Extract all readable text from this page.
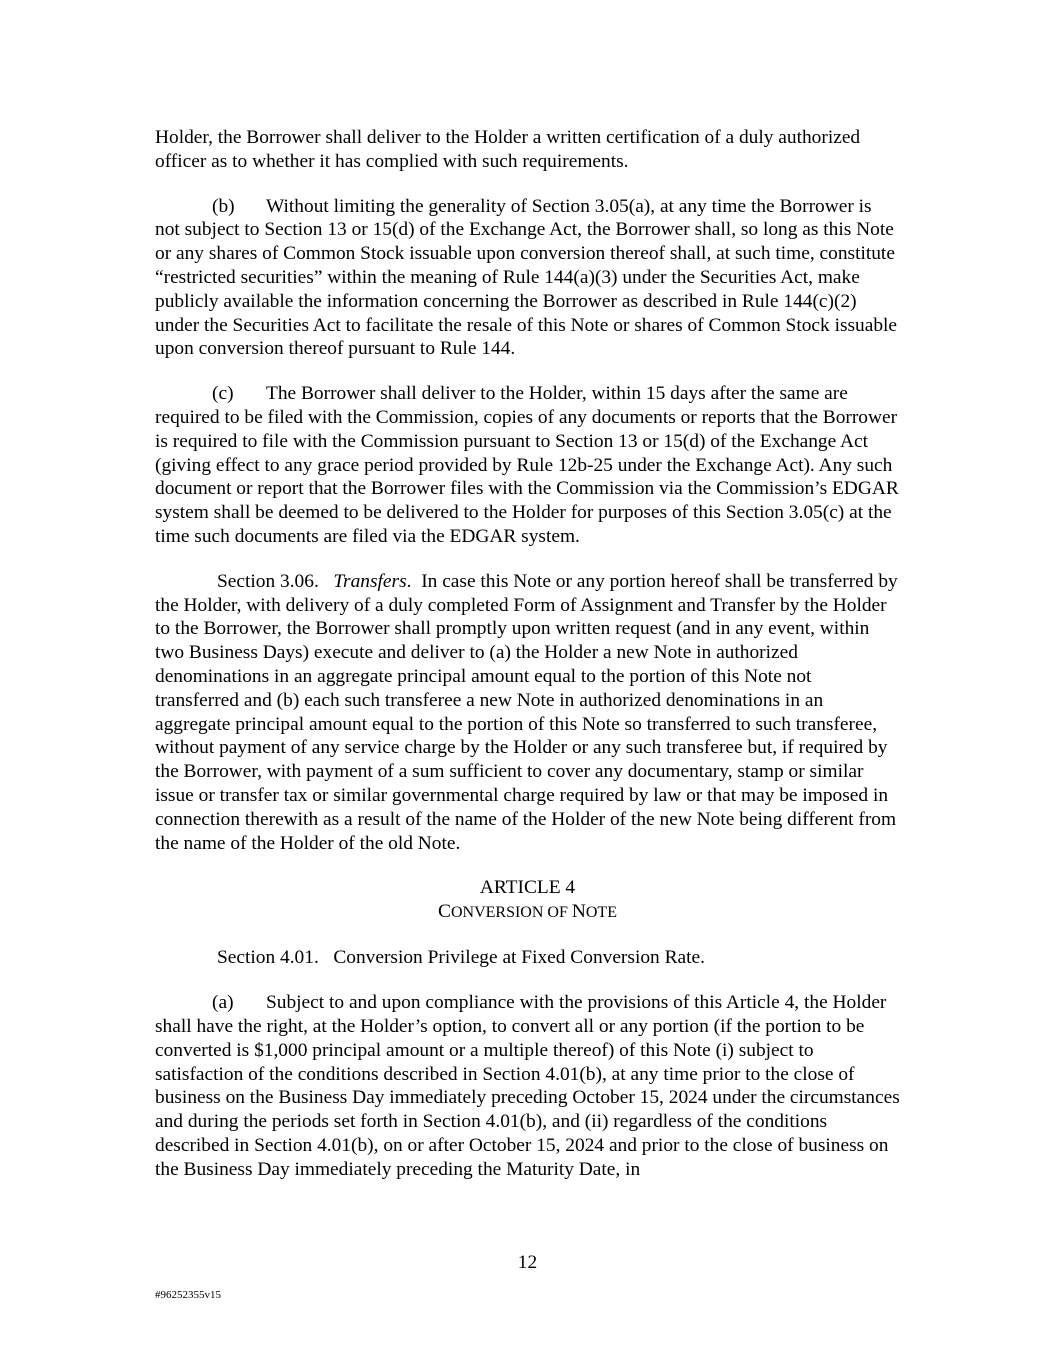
Holder, the Borrower shall deliver to the Holder a written certification of a duly authorized officer as to whether it has complied with such requirements.

(b) Without limiting the generality of Section 3.05(a), at any time the Borrower is not subject to Section 13 or 15(d) of the Exchange Act, the Borrower shall, so long as this Note or any shares of Common Stock issuable upon conversion thereof shall, at such time, constitute “restricted securities” within the meaning of Rule 144(a)(3) under the Securities Act, make publicly available the information concerning the Borrower as described in Rule 144(c)(2) under the Securities Act to facilitate the resale of this Note or shares of Common Stock issuable upon conversion thereof pursuant to Rule 144.

(c) The Borrower shall deliver to the Holder, within 15 days after the same are required to be filed with the Commission, copies of any documents or reports that the Borrower is required to file with the Commission pursuant to Section 13 or 15(d) of the Exchange Act (giving effect to any grace period provided by Rule 12b-25 under the Exchange Act). Any such document or report that the Borrower files with the Commission via the Commission’s EDGAR system shall be deemed to be delivered to the Holder for purposes of this Section 3.05(c) at the time such documents are filed via the EDGAR system.

Section 3.06. Transfers.  In case this Note or any portion hereof shall be transferred by the Holder, with delivery of a duly completed Form of Assignment and Transfer by the Holder to the Borrower, the Borrower shall promptly upon written request (and in any event, within two Business Days) execute and deliver to (a) the Holder a new Note in authorized denominations in an aggregate principal amount equal to the portion of this Note not transferred and (b) each such transferee a new Note in authorized denominations in an aggregate principal amount equal to the portion of this Note so transferred to such transferee, without payment of any service charge by the Holder or any such transferee but, if required by the Borrower, with payment of a sum sufficient to cover any documentary, stamp or similar issue or transfer tax or similar governmental charge required by law or that may be imposed in connection therewith as a result of the name of the Holder of the new Note being different from the name of the Holder of the old Note.

ARTICLE 4

CONVERSION OF NOTE

Section 4.01. Conversion Privilege at Fixed Conversion Rate.

(a) Subject to and upon compliance with the provisions of this Article 4, the Holder shall have the right, at the Holder’s option, to convert all or any portion (if the portion to be converted is $1,000 principal amount or a multiple thereof) of this Note (i) subject to satisfaction of the conditions described in Section 4.01(b), at any time prior to the close of business on the Business Day immediately preceding October 15, 2024 under the circumstances and during the periods set forth in Section 4.01(b), and (ii) regardless of the conditions described in Section 4.01(b), on or after October 15, 2024 and prior to the close of business on the Business Day immediately preceding the Maturity Date, in

12
#96252355v15
